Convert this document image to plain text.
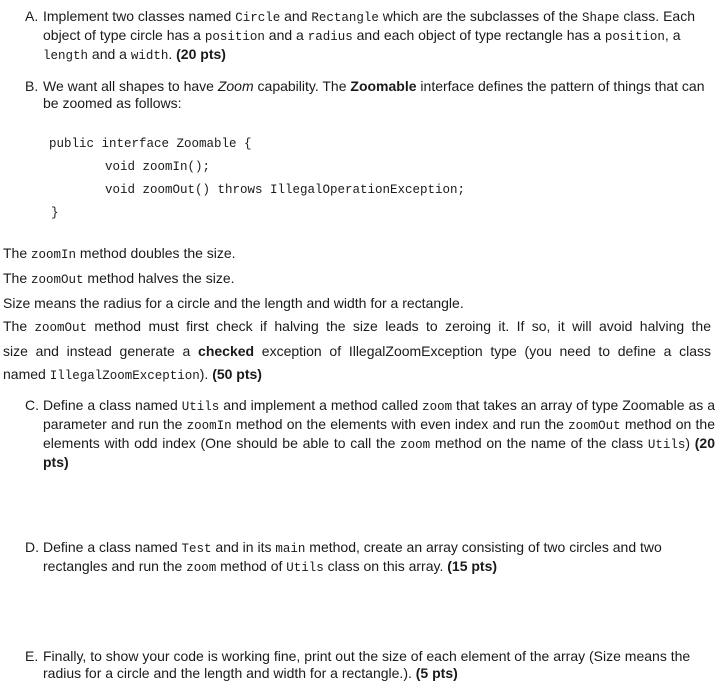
A. Implement two classes named Circle and Rectangle which are the subclasses of the Shape class. Each object of type circle has a position and a radius and each object of type rectangle has a position, a length and a width. (20 pts)
B. We want all shapes to have Zoom capability. The Zoomable interface defines the pattern of things that can be zoomed as follows:
public interface Zoomable {
void zoomIn();
void zoomOut() throws IllegalOperationException;
}
The zoomIn method doubles the size.
The zoomOut method halves the size.
Size means the radius for a circle and the length and width for a rectangle.
The zoomOut method must first check if halving the size leads to zeroing it. If so, it will avoid halving the
size and instead generate a checked exception of IllegalZoomException type (you need to define a class
named IllegalZoomException). (50 pts)
C. Define a class named Utils and implement a method called zoom that takes an array of type Zoomable as a parameter and run the zoomIn method on the elements with even index and run the zoomOut method on the elements with odd index (One should be able to call the zoom method on the name of the class Utils) (20 pts)
D. Define a class named Test and in its main method, create an array consisting of two circles and two rectangles and run the zoom method of Utils class on this array. (15 pts)
E. Finally, to show your code is working fine, print out the size of each element of the array (Size means the radius for a circle and the length and width for a rectangle.). (5 pts)
